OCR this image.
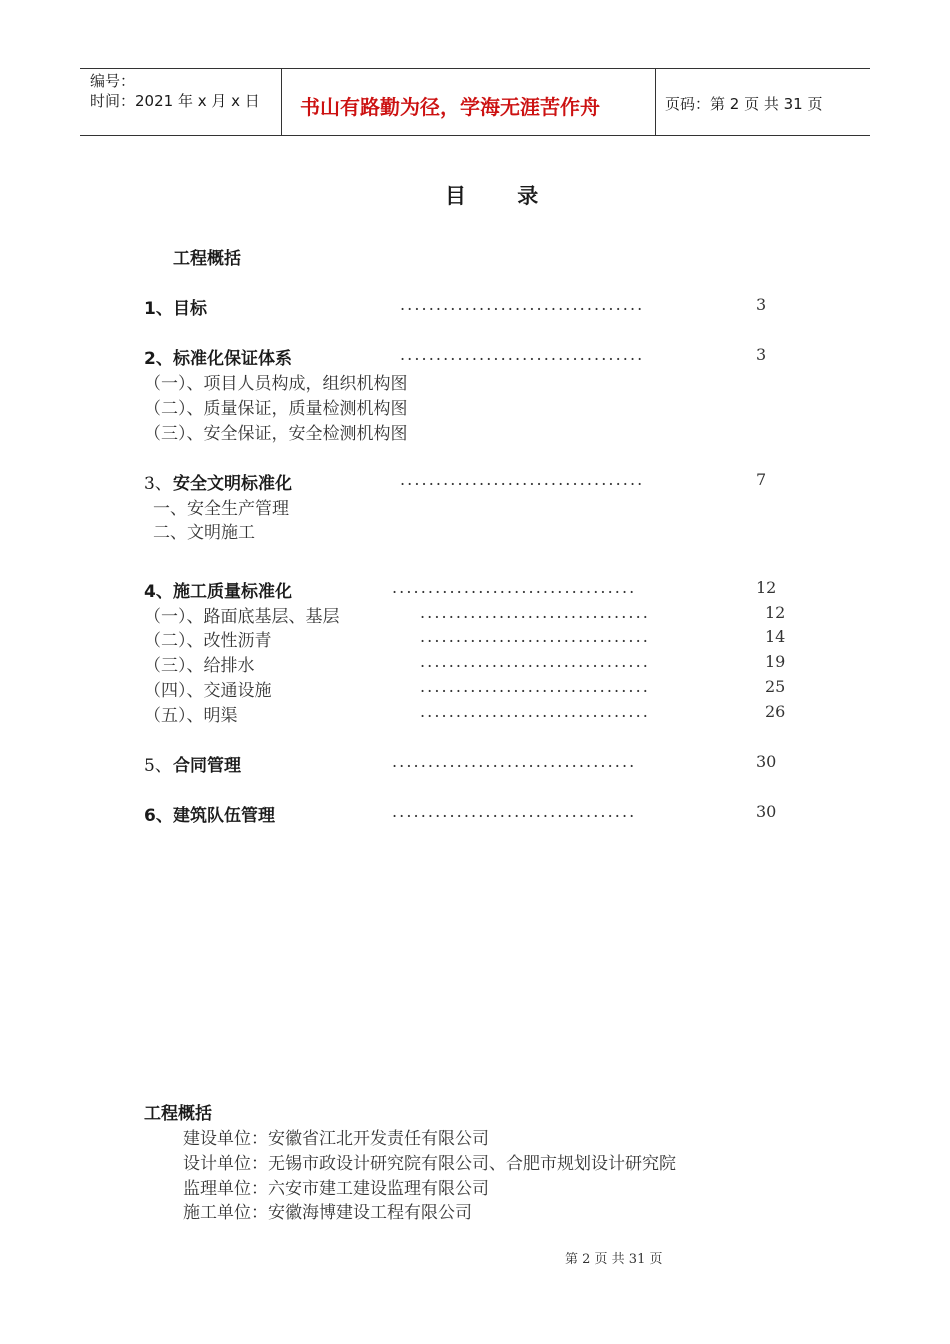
编号：
时间：2021 年 x 月 x 日 书山有路勤为径，学海无涯苦作舟	页码：第 2 页 共 31 页
目 录
工程概括
1、 目标	..................................	3
2、 标准化保证体系	..................................	3
（一）、项目人员构成，组织机构图
（二）、质量保证，质量检测机构图
（三）、安全保证，安全检测机构图
3、 安全文明标准化	..................................	7
一、安全生产管理
二、文明施工
4、 施工质量标准化	..................................	12
（一）、路面底基层、基层	................................	12
（二）、改性沥青	................................	14
（三）、给排水	................................	19
（四）、交通设施	................................	25
（五）、明渠	................................	26
5、 合同管理	..................................	30
6、 建筑队伍管理	..................................	30
工程概括
建设单位：安徽省江北开发责任有限公司
设计单位：无锡市政设计研究院有限公司、合肥市规划设计研究院
监理单位：六安市建工建设监理有限公司
施工单位：安徽海博建设工程有限公司
第 2 页 共 31 页
